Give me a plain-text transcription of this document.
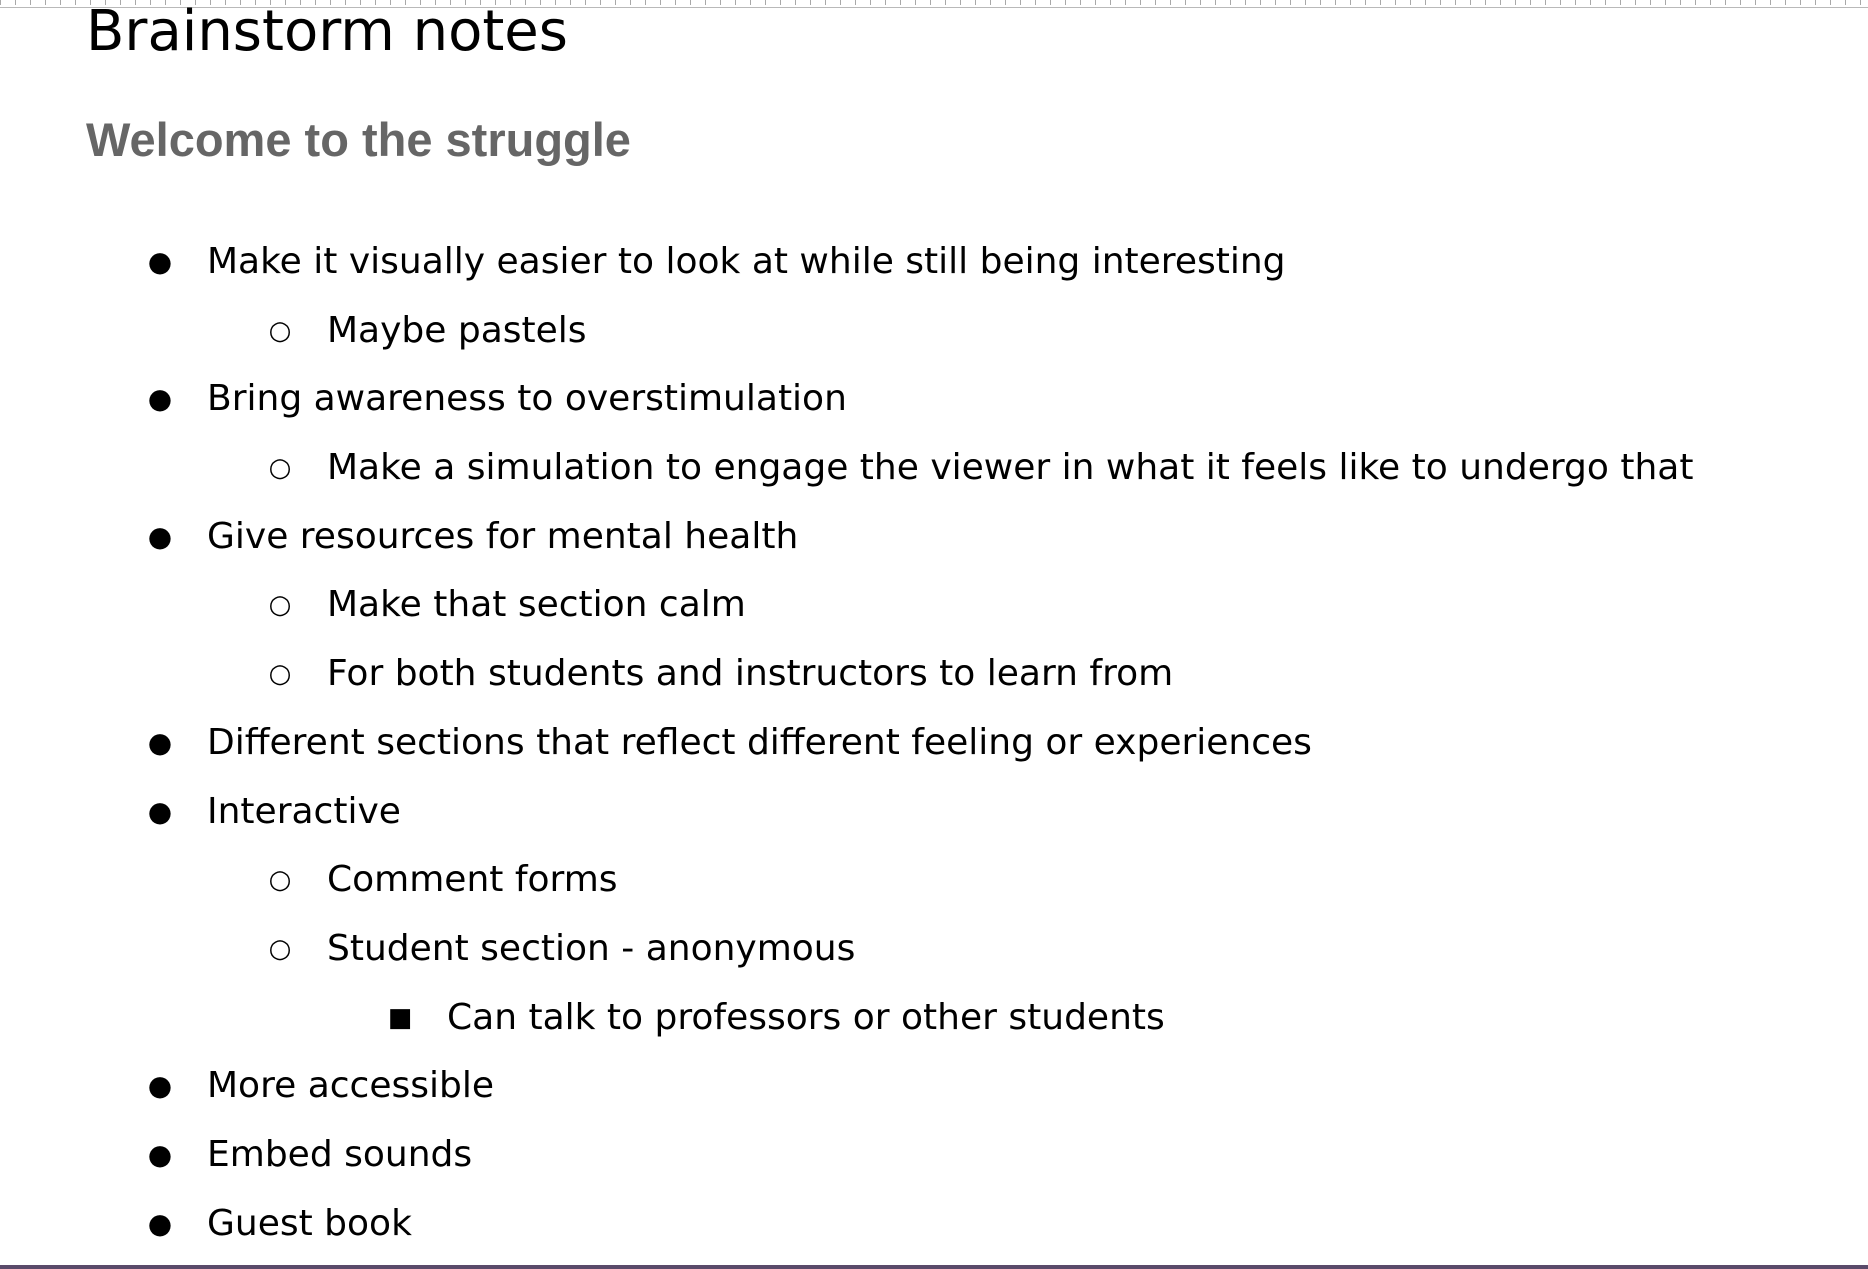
Brainstorm notes
Welcome to the struggle
● Make it visually easier to look at while still being interesting
○ Maybe pastels
● Bring awareness to overstimulation
○ Make a simulation to engage the viewer in what it feels like to undergo that
● Give resources for mental health
○ Make that section calm
○ For both students and instructors to learn from
● Different sections that reflect different feeling or experiences
● Interactive
○ Comment forms
○ Student section - anonymous
■ Can talk to professors or other students
● More accessible
● Embed sounds
● Guest book
